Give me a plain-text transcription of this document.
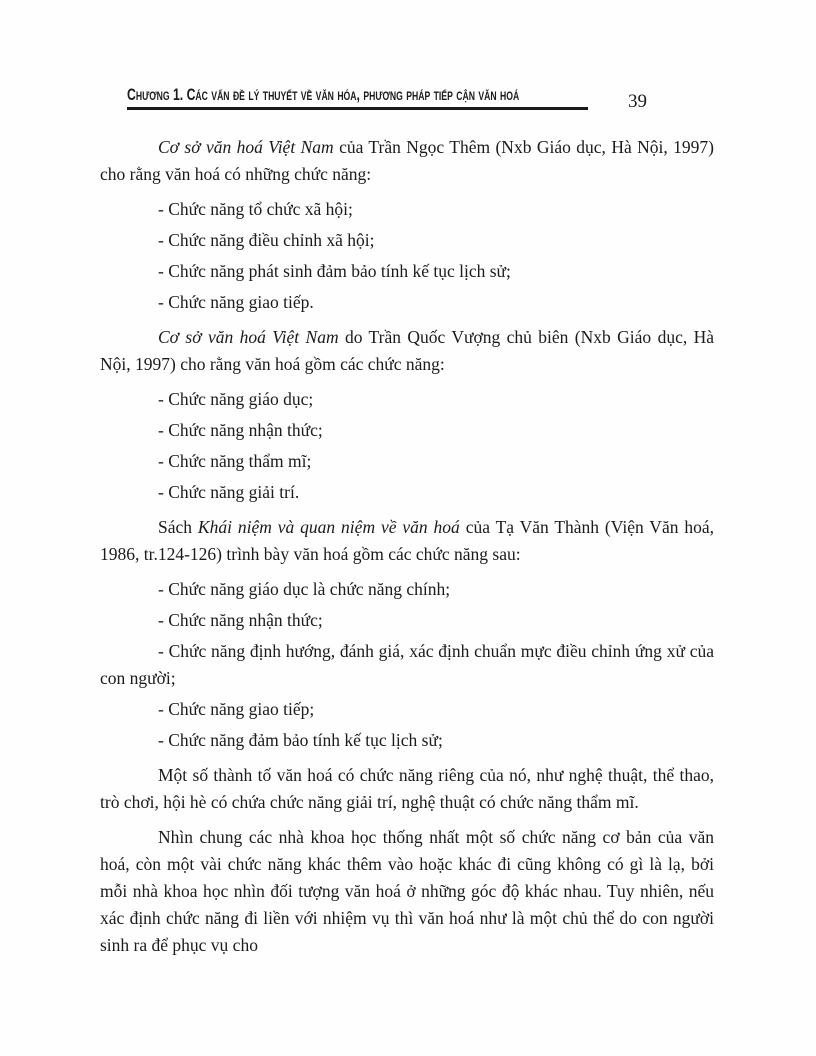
Chương 1. Các vấn đề lý thuyết về văn hóa, phương pháp tiếp cận văn hoá	39

Cơ sở văn hoá Việt Nam của Trần Ngọc Thêm (Nxb Giáo dục, Hà Nội, 1997) cho rằng văn hoá có những chức năng:

- Chức năng tổ chức xã hội;

- Chức năng điều chỉnh xã hội;

- Chức năng phát sinh đảm bảo tính kế tục lịch sử;

- Chức năng giao tiếp.

Cơ sở văn hoá Việt Nam do Trần Quốc Vượng chủ biên (Nxb Giáo dục, Hà Nội, 1997) cho rằng văn hoá gồm các chức năng:

- Chức năng giáo dục;

- Chức năng nhận thức;

- Chức năng thẩm mĩ;

- Chức năng giải trí.

Sách Khái niệm và quan niệm về văn hoá của Tạ Văn Thành (Viện Văn hoá, 1986, tr.124-126) trình bày văn hoá gồm các chức năng sau:

- Chức năng giáo dục là chức năng chính;

- Chức năng nhận thức;

- Chức năng định hướng, đánh giá, xác định chuẩn mực điều chỉnh ứng xử của con người;

- Chức năng giao tiếp;

- Chức năng đảm bảo tính kế tục lịch sử;

Một số thành tố văn hoá có chức năng riêng của nó, như nghệ thuật, thể thao, trò chơi, hội hè có chứa chức năng giải trí, nghệ thuật có chức năng thẩm mĩ.

Nhìn chung các nhà khoa học thống nhất một số chức năng cơ bản của văn hoá, còn một vài chức năng khác thêm vào hoặc khác đi cũng không có gì là lạ, bởi mỗi nhà khoa học nhìn đối tượng văn hoá ở những góc độ khác nhau. Tuy nhiên, nếu xác định chức năng đi liền với nhiệm vụ thì văn hoá như là một chủ thể do con người sinh ra để phục vụ cho
